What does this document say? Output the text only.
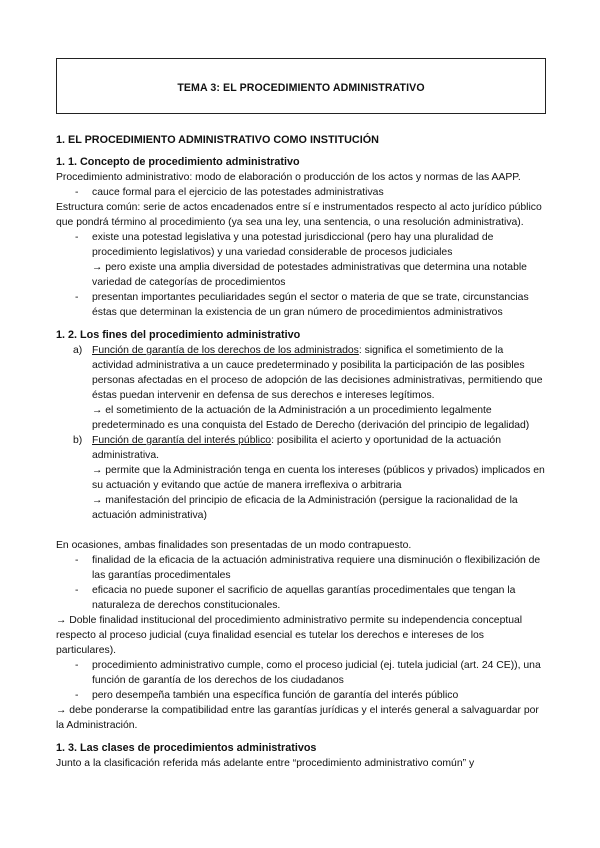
TEMA 3: EL PROCEDIMIENTO ADMINISTRATIVO
1. EL PROCEDIMIENTO ADMINISTRATIVO COMO INSTITUCIÓN
1. 1. Concepto de procedimiento administrativo

Procedimiento administrativo: modo de elaboración o producción de los actos y normas de las AAPP.

- cauce formal para el ejercicio de las potestades administrativas

Estructura común: serie de actos encadenados entre sí e instrumentados respecto al acto jurídico público que pondrá término al procedimiento (ya sea una ley, una sentencia, o una resolución administrativa).

- existe una potestad legislativa y una potestad jurisdiccional (pero hay una pluralidad de procedimiento legislativos) y una variedad considerable de procesos judiciales
→ pero existe una amplia diversidad de potestades administrativas que determina una notable variedad de categorías de procedimientos
- presentan importantes peculiaridades según el sector o materia de que se trate, circunstancias éstas que determinan la existencia de un gran número de procedimientos administrativos
1. 2. Los fines del procedimiento administrativo
a) Función de garantía de los derechos de los administrados: significa el sometimiento de la actividad administrativa a un cauce predeterminado y posibilita la participación de las posibles personas afectadas en el proceso de adopción de las decisiones administrativas, permitiendo que éstas puedan intervenir en defensa de sus derechos e intereses legítimos.
→ el sometimiento de la actuación de la Administración a un procedimiento legalmente predeterminado es una conquista del Estado de Derecho (derivación del principio de legalidad)
b) Función de garantía del interés público: posibilita el acierto y oportunidad de la actuación administrativa.
→ permite que la Administración tenga en cuenta los intereses (públicos y privados) implicados en su actuación y evitando que actúe de manera irreflexiva o arbitraria
→ manifestación del principio de eficacia de la Administración (persigue la racionalidad de la actuación administrativa)

En ocasiones, ambas finalidades son presentadas de un modo contrapuesto.

- finalidad de la eficacia de la actuación administrativa requiere una disminución o flexibilización de las garantías procedimentales
- eficacia no puede suponer el sacrificio de aquellas garantías procedimentales que tengan la naturaleza de derechos constitucionales.

→ Doble finalidad institucional del procedimiento administrativo permite su independencia conceptual respecto al proceso judicial (cuya finalidad esencial es tutelar los derechos e intereses de los particulares).

- procedimiento administrativo cumple, como el proceso judicial (ej. tutela judicial (art. 24 CE)), una función de garantía de los derechos de los ciudadanos
- pero desempeña también una específica función de garantía del interés público

→ debe ponderarse la compatibilidad entre las garantías jurídicas y el interés general a salvaguardar por la Administración.

1. 3. Las clases de procedimientos administrativos

Junto a la clasificación referida más adelante entre “procedimiento administrativo común” y
